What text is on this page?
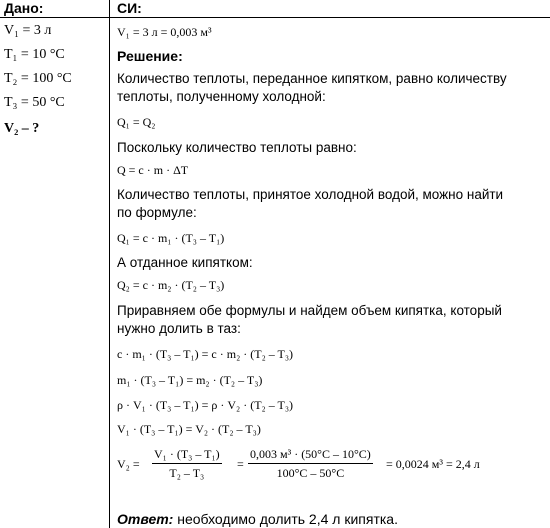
Дано:
V₁ = 3 л
T₁ = 10 °C
T₂ = 100 °C
T₃ = 50 °C
V₂ – ?
СИ:
V₁ = 3 л = 0,003 м³
Решение:
Количество теплоты, переданное кипятком, равно количеству
теплоты, полученному холодной:
Q₁ = Q₂
Поскольку количество теплоты равно:
Q = c · m · ΔT
Количество теплоты, принятое холодной водой, можно найти
по формуле:
Q₁ = c · m₁ · (T₃ – T₁)
А отданное кипятком:
Q₂ = c · m₂ · (T₂ – T₃)
Приравняем обе формулы и найдем объем кипятка, который
нужно долить в таз:
c · m₁ · (T₃ – T₁) = c · m₂ · (T₂ – T₃)
m₁ · (T₃ – T₁) = m₂ · (T₂ – T₃)
ρ · V₁ · (T₃ – T₁) = ρ · V₂ · (T₂ – T₃)
V₁ · (T₃ – T₁) = V₂ · (T₂ – T₃)
V₂ =
V₁ · (T₃ – T₁)
T₂ – T₃
=
0,003 м³ · (50°C – 10°C)
100°C – 50°C
= 0,0024 м³ = 2,4 л
Ответ: необходимо долить 2,4 л кипятка.
